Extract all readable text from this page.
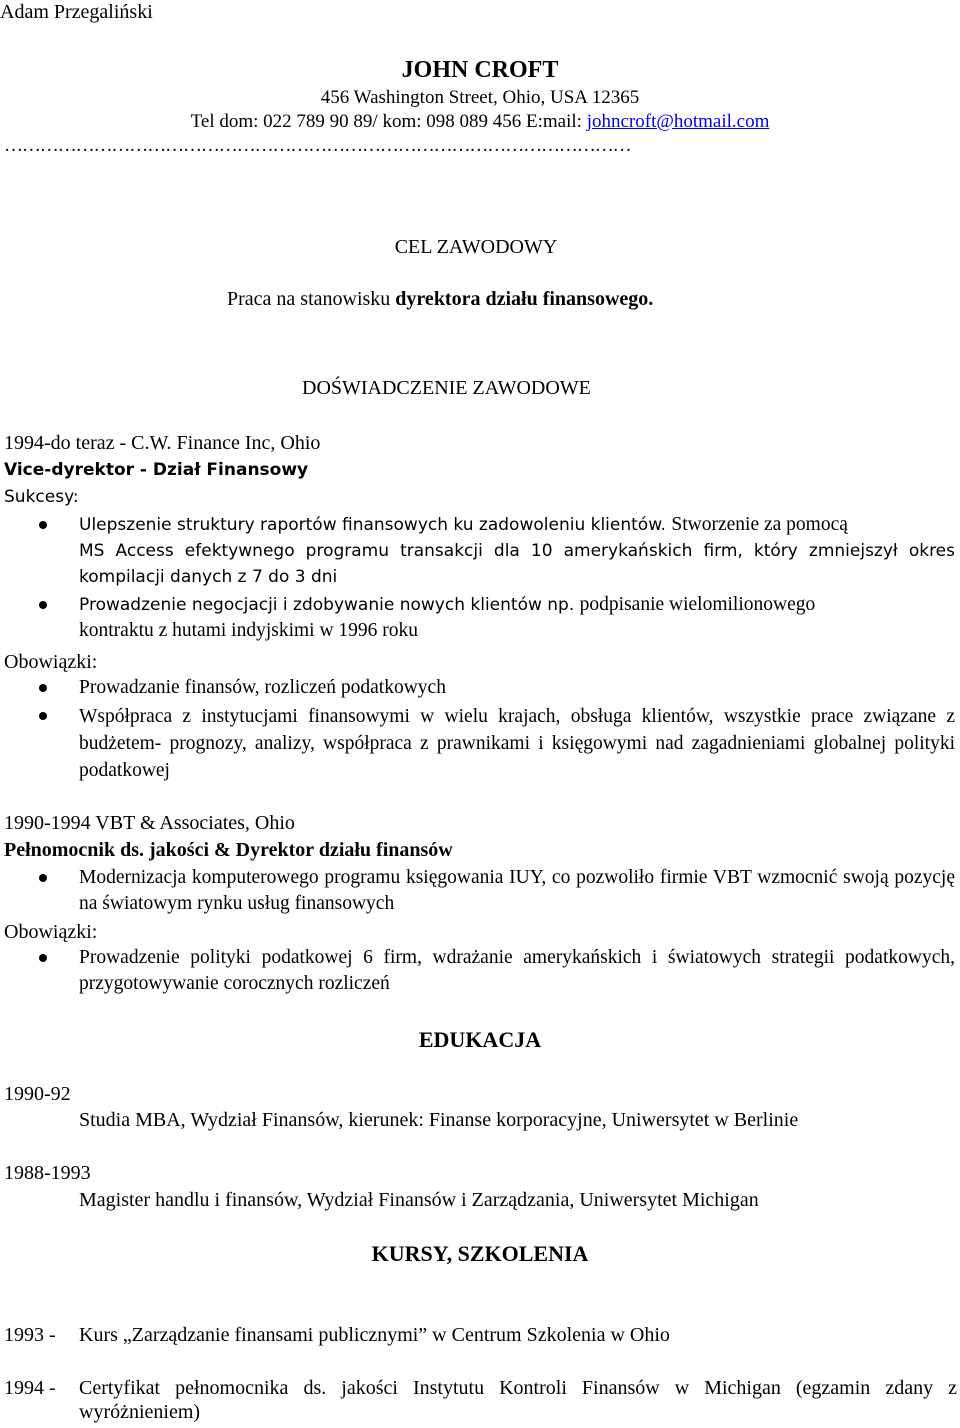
Adam Przegaliński
JOHN CROFT
456 Washington Street, Ohio, USA 12365
Tel dom: 022 789 90 89/ kom: 098 089 456 E:mail: johncroft@hotmail.com
……………………………………………………………………………………………
CEL ZAWODOWY
Praca na stanowisku dyrektora działu finansowego.
DOŚWIADCZENIE ZAWODOWE
1994-do teraz - C.W. Finance Inc, Ohio
Vice-dyrektor - Dział Finansowy
Sukcesy:
Ulepszenie struktury raportów finansowych ku zadowoleniu klientów. Stworzenie za pomocą
MS Access efektywnego programu transakcji dla 10 amerykańskich firm, który zmniejszył okres kompilacji danych z 7 do 3 dni
Prowadzenie negocjacji i zdobywanie nowych klientów np. podpisanie wielomilionowego
kontraktu z hutami indyjskimi w 1996 roku
Obowiązki:
Prowadzanie finansów, rozliczeń podatkowych
Współpraca z instytucjami finansowymi w wielu krajach, obsługa klientów, wszystkie prace związane z budżetem- prognozy, analizy, współpraca z prawnikami i księgowymi nad zagadnieniami globalnej polityki podatkowej
1990-1994 VBT & Associates, Ohio
Pełnomocnik ds. jakości & Dyrektor działu finansów
Modernizacja komputerowego programu księgowania IUY, co pozwoliło firmie VBT wzmocnić swoją pozycję na światowym rynku usług finansowych
Obowiązki:
Prowadzenie polityki podatkowej 6 firm, wdrażanie amerykańskich i światowych strategii podatkowych, przygotowywanie corocznych rozliczeń
EDUKACJA
1990-92
Studia MBA, Wydział Finansów, kierunek: Finanse korporacyjne, Uniwersytet w Berlinie
1988-1993
Magister handlu i finansów, Wydział Finansów i Zarządzania, Uniwersytet Michigan
KURSY, SZKOLENIA
1993 - Kurs „Zarządzanie finansami publicznymi” w Centrum Szkolenia w Ohio
1994 - Certyfikat pełnomocnika ds. jakości Instytutu Kontroli Finansów w Michigan (egzamin zdany z wyróżnieniem)
